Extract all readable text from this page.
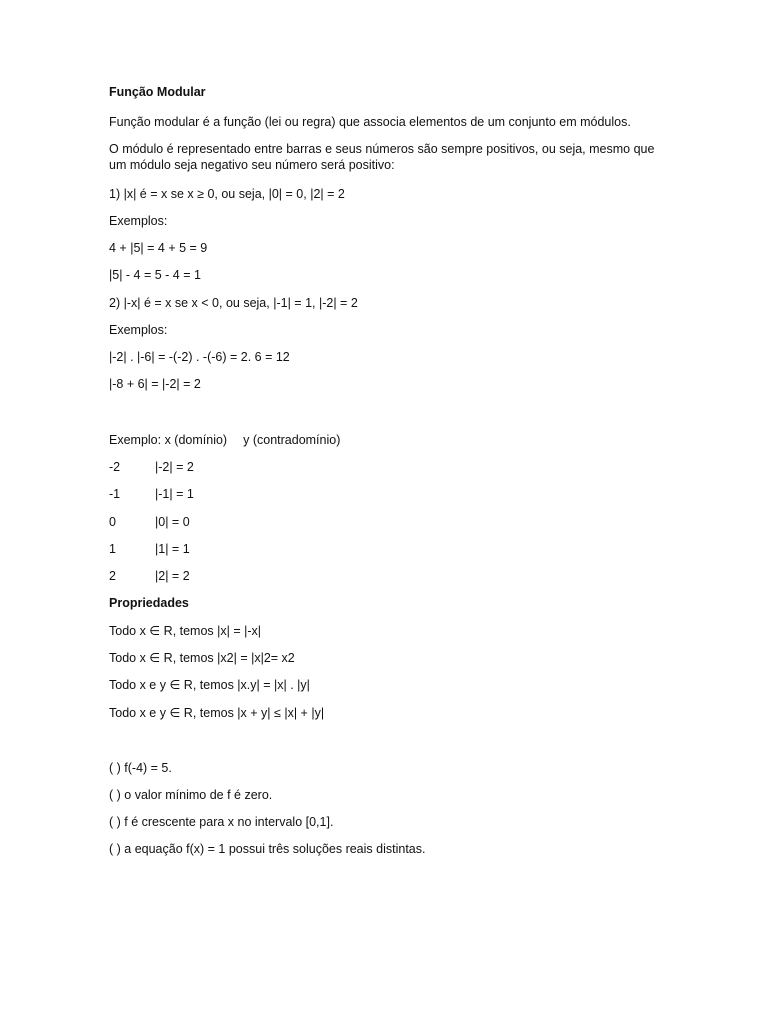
Função Modular
Função modular é a função (lei ou regra) que associa elementos de um conjunto em módulos.
O módulo é representado entre barras e seus números são sempre positivos, ou seja, mesmo que um módulo seja negativo seu número será positivo:
1) |x| é = x se x ≥ 0, ou seja, |0| = 0, |2| = 2
Exemplos:
4 + |5| = 4 + 5 = 9
|5| - 4 = 5 - 4 = 1
2) |-x| é = x se x < 0, ou seja, |-1| = 1, |-2| = 2
Exemplos:
|-2| . |-6| = -(-2) . -(-6) = 2. 6 = 12
|-8 + 6| = |-2| = 2
Exemplo: x (domínio) y (contradomínio)
-2	|-2| = 2
-1	|-1| = 1
0	|0| = 0
1	|1| = 1
2	|2| = 2
Propriedades
Todo x ∈ R, temos |x| = |-x|
Todo x ∈ R, temos |x2| = |x|2= x2
Todo x e y ∈ R, temos |x.y| = |x| . |y|
Todo x e y ∈ R, temos |x + y| ≤ |x| + |y|
( ) f(-4) = 5.
( ) o valor mínimo de f é zero.
( ) f é crescente para x no intervalo [0,1].
( ) a equação f(x) = 1 possui três soluções reais distintas.
